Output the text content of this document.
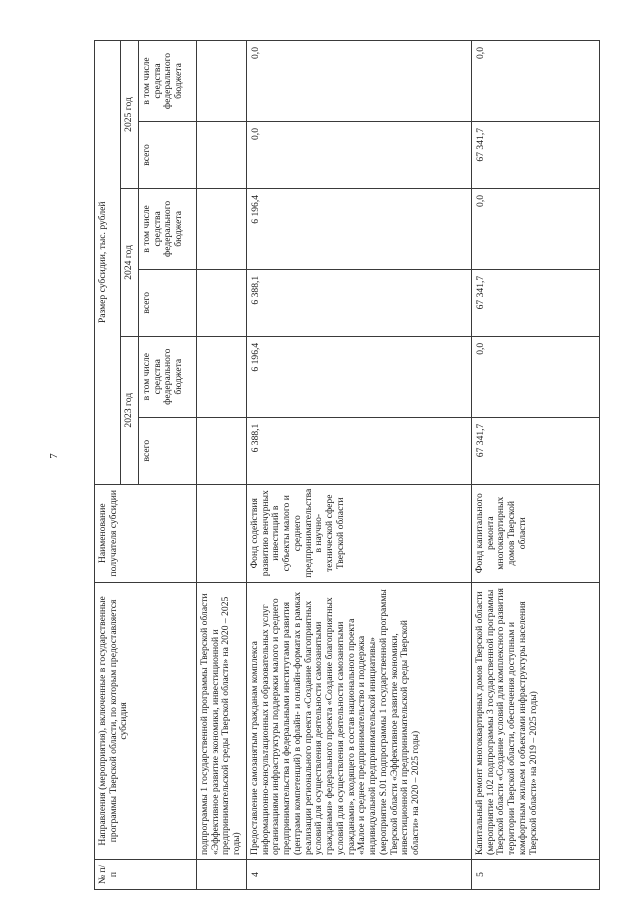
7
№ п/п	Направления (мероприятия), включенные в государственные программы Тверской области, по которым предоставляется субсидия	Наименование получателя субсидии	Размер субсидии, тыс. рублей					
			2023 год		2024 год		2025 год	
			всего	в том числе средства федерального бюджета	всего	в том числе средства федерального бюджета	всего	в том числе средства федерального бюджета
	подпрограммы 1 государственной программы Тверской области «Эффективное развитие экономики, инвестиционной и предпринимательской среды Тверской области» на 2020 – 2025 годы)							
4	Предоставление самозанятым гражданам комплекса информационно-консультационных и образовательных услуг организациями инфраструктуры поддержки малого и среднего предпринимательства и федеральными институтами развития (центрами компетенций) в офлайн- и онлайн-форматах в рамках реализации регионального проекта «Создание благоприятных условий для осуществления деятельности самозанятыми гражданами» федерального проекта «Создание благоприятных условий для осуществления деятельности самозанятыми гражданами», входящего в состав национального проекта «Малое и среднее предпринимательство и поддержка индивидуальной предпринимательской инициативы» (мероприятие S.01 подпрограммы 1 государственной программы Тверской области «Эффективное развитие экономики, инвестиционной и предпринимательской среды Тверской области» на 2020 – 2025 годы)	Фонд содействия развитию венчурных инвестиций в субъекты малого и среднего предпринимательства в научно-технической сфере Тверской области	6 388,1	6 196,4	6 388,1	6 196,4	0,0	0,0
5	Капитальный ремонт многоквартирных домов Тверской области (мероприятие 1.02 подпрограммы 3 государственной программы Тверской области «Создание условий для комплексного развития территории Тверской области, обеспечения доступным и комфортным жильем и объектами инфраструктуры населения Тверской области» на 2019 – 2025 годы)	Фонд капитального ремонта многоквартирных домов Тверской области	67 341,7	0,0	67 341,7	0,0	67 341,7	0,0
